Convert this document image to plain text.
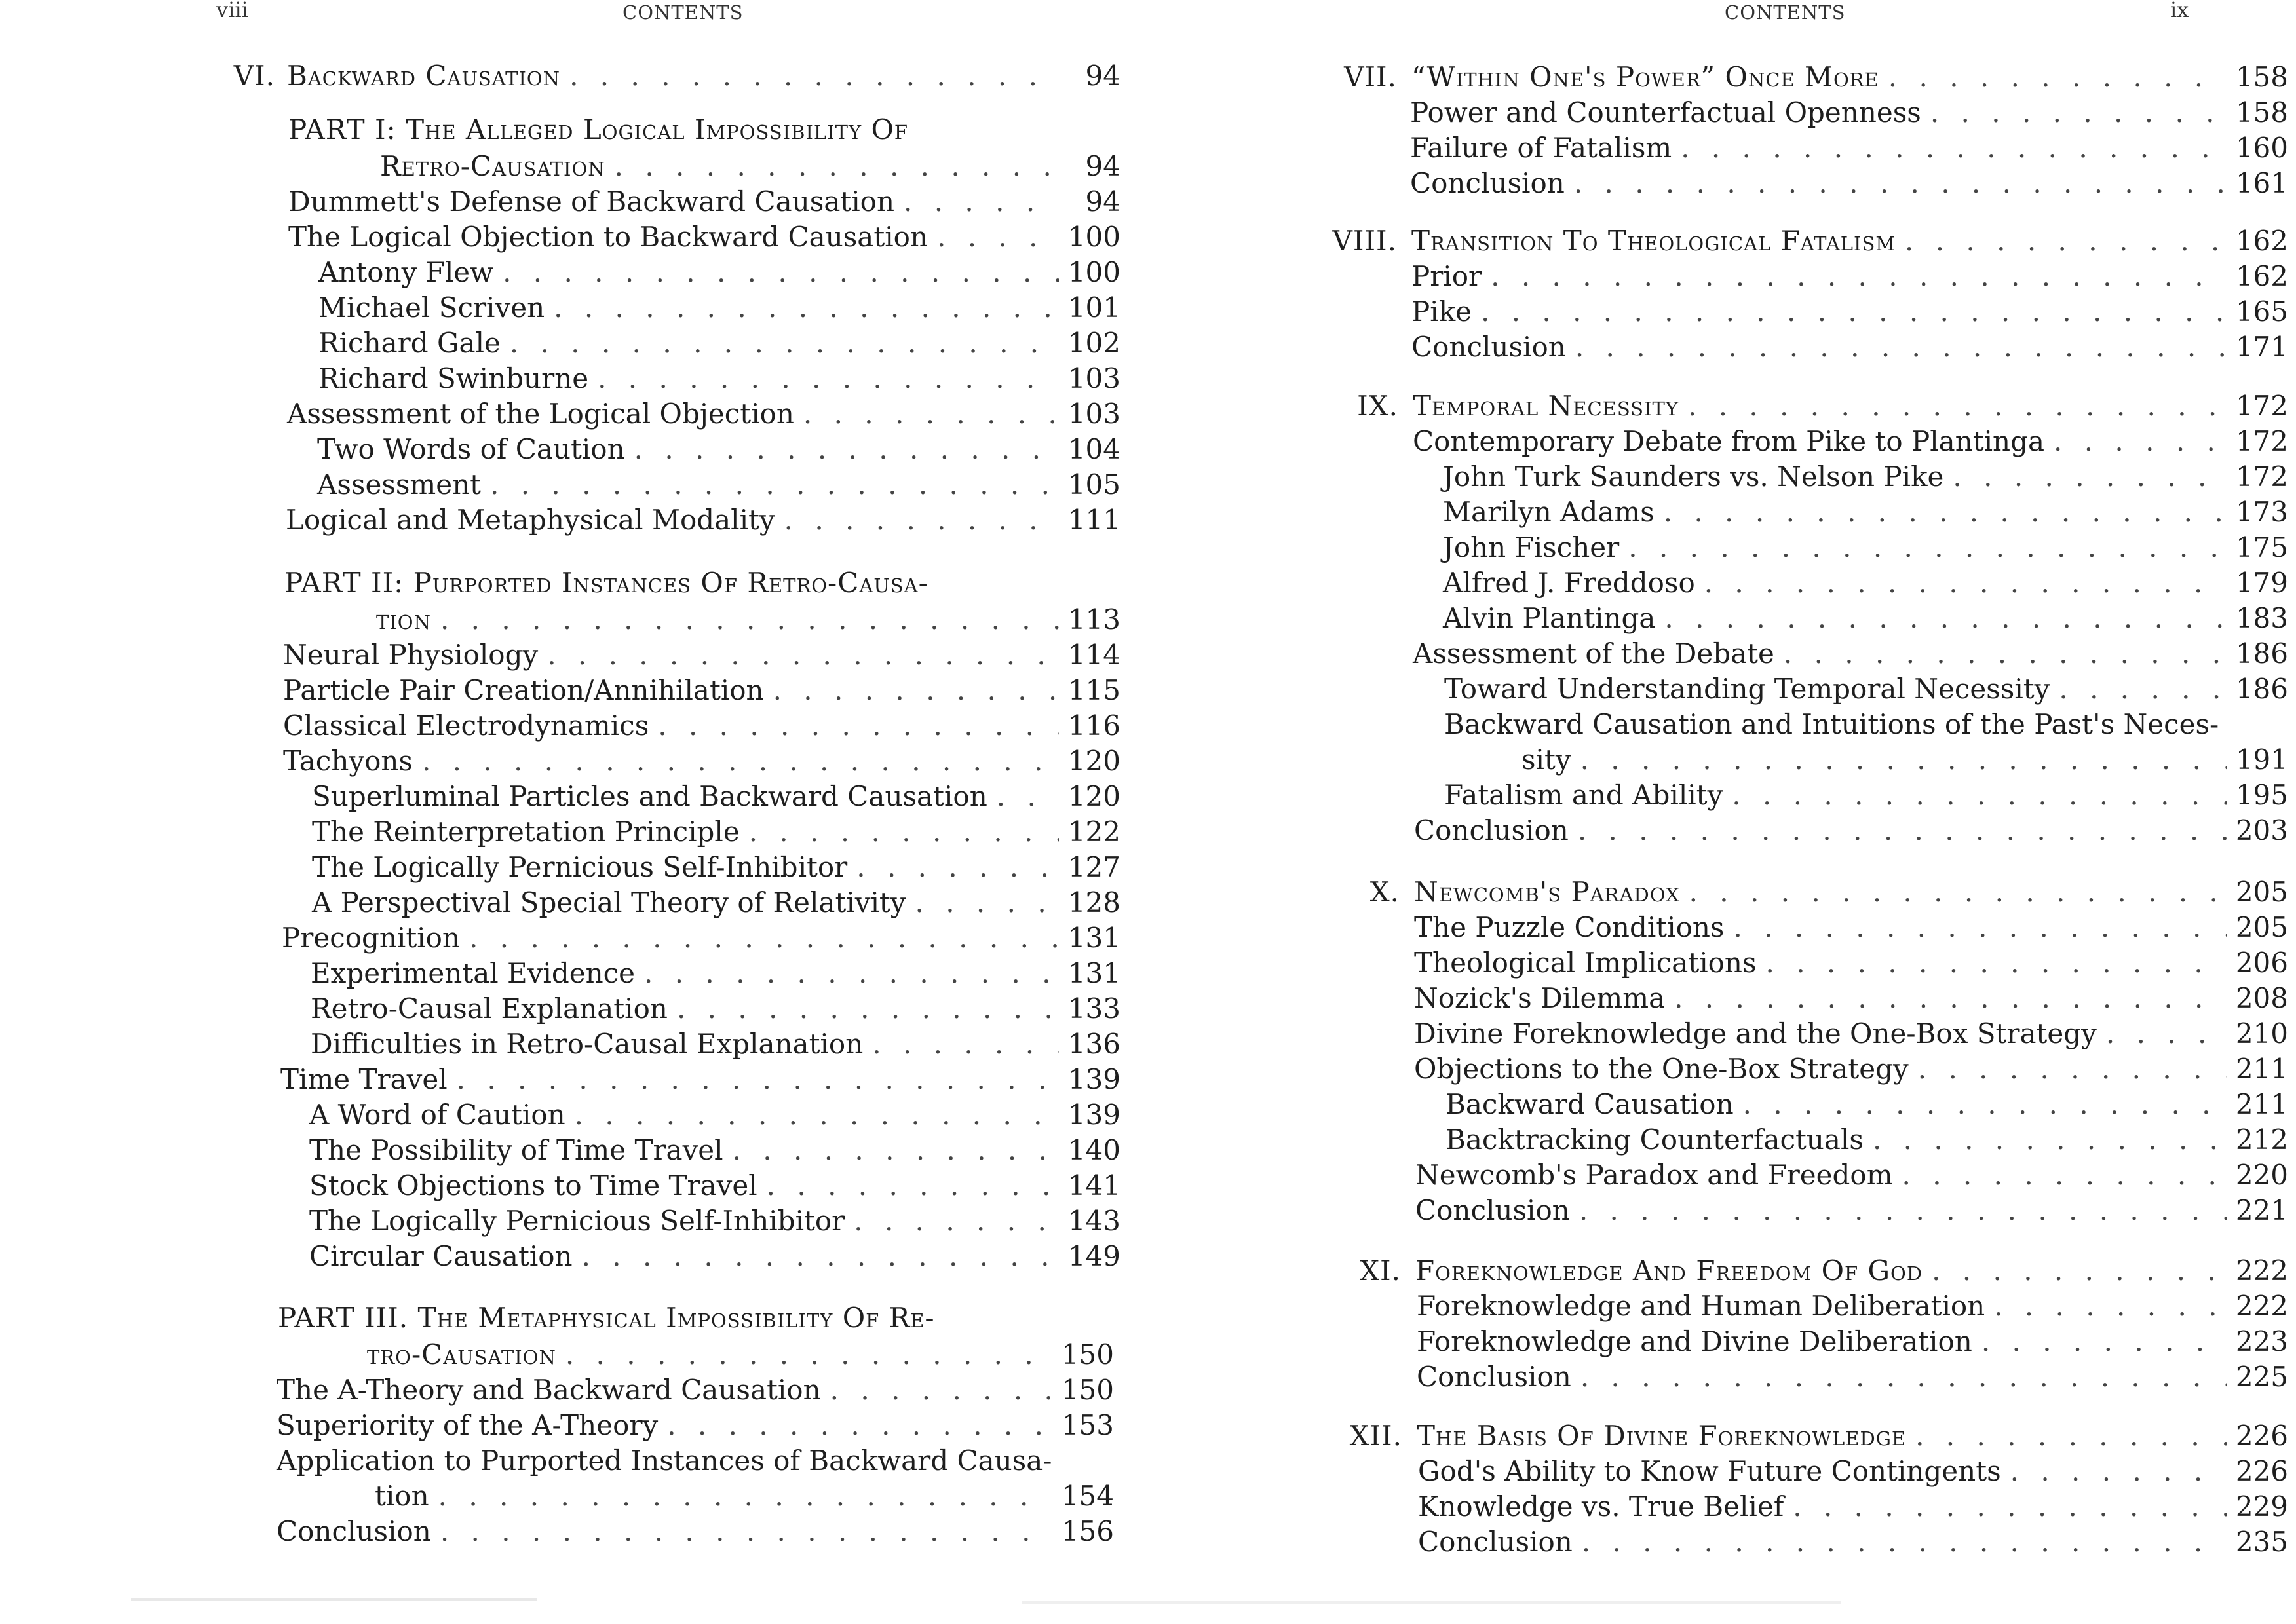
viii	CONTENTS
VI. Backward Causation . . .	94
PART I: The Alleged Logical Impossibility Of
Retro-Causation . . .	94
Dummett's Defense of Backward Causation . . .	94
The Logical Objection to Backward Causation . . .	100
Antony Flew . . .	100
Michael Scriven . . .	101
Richard Gale . . .	102
Richard Swinburne . . .	103
Assessment of the Logical Objection . . .	103
Two Words of Caution . . .	104
Assessment . . .	105
Logical and Metaphysical Modality . . .	111
PART II: Purported Instances Of Retro-Causa-
tion . . .	113
Neural Physiology . . .	114
Particle Pair Creation/Annihilation . . .	115
Classical Electrodynamics . . .	116
Tachyons . . .	120
Superluminal Particles and Backward Causation . . .	120
The Reinterpretation Principle . . .	122
The Logically Pernicious Self-Inhibitor . . .	127
A Perspectival Special Theory of Relativity . . .	128
Precognition . . .	131
Experimental Evidence . . .	131
Retro-Causal Explanation . . .	133
Difficulties in Retro-Causal Explanation . . .	136
Time Travel . . .	139
A Word of Caution . . .	139
The Possibility of Time Travel . . .	140
Stock Objections to Time Travel . . .	141
The Logically Pernicious Self-Inhibitor . . .	143
Circular Causation . . .	149
PART III. The Metaphysical Impossibility Of Re-
tro-Causation . . .	150
The A-Theory and Backward Causation . . .	150
Superiority of the A-Theory . . .	153
Application to Purported Instances of Backward Causa-
tion . . .	154
Conclusion . . .	156
CONTENTS	ix
VII. “Within One's Power” Once More . . .	158
Power and Counterfactual Openness . . .	158
Failure of Fatalism . . .	160
Conclusion . . .	161
VIII. Transition To Theological Fatalism . . .	162
Prior . . .	162
Pike . . .	165
Conclusion . . .	171
IX. Temporal Necessity . . .	172
Contemporary Debate from Pike to Plantinga . . .	172
John Turk Saunders vs. Nelson Pike . . .	172
Marilyn Adams . . .	173
John Fischer . . .	175
Alfred J. Freddoso . . .	179
Alvin Plantinga . . .	183
Assessment of the Debate . . .	186
Toward Understanding Temporal Necessity . . .	186
Backward Causation and Intuitions of the Past's Neces-
sity . . .	191
Fatalism and Ability . . .	195
Conclusion . . .	203
X. Newcomb's Paradox . . .	205
The Puzzle Conditions . . .	205
Theological Implications . . .	206
Nozick's Dilemma . . .	208
Divine Foreknowledge and the One-Box Strategy . . .	210
Objections to the One-Box Strategy . . .	211
Backward Causation . . .	211
Backtracking Counterfactuals . . .	212
Newcomb's Paradox and Freedom . . .	220
Conclusion . . .	221
XI. Foreknowledge And Freedom Of God . . .	222
Foreknowledge and Human Deliberation . . .	222
Foreknowledge and Divine Deliberation . . .	223
Conclusion . . .	225
XII. The Basis Of Divine Foreknowledge . . .	226
God's Ability to Know Future Contingents . . .	226
Knowledge vs. True Belief . . .	229
Conclusion . . .	235
